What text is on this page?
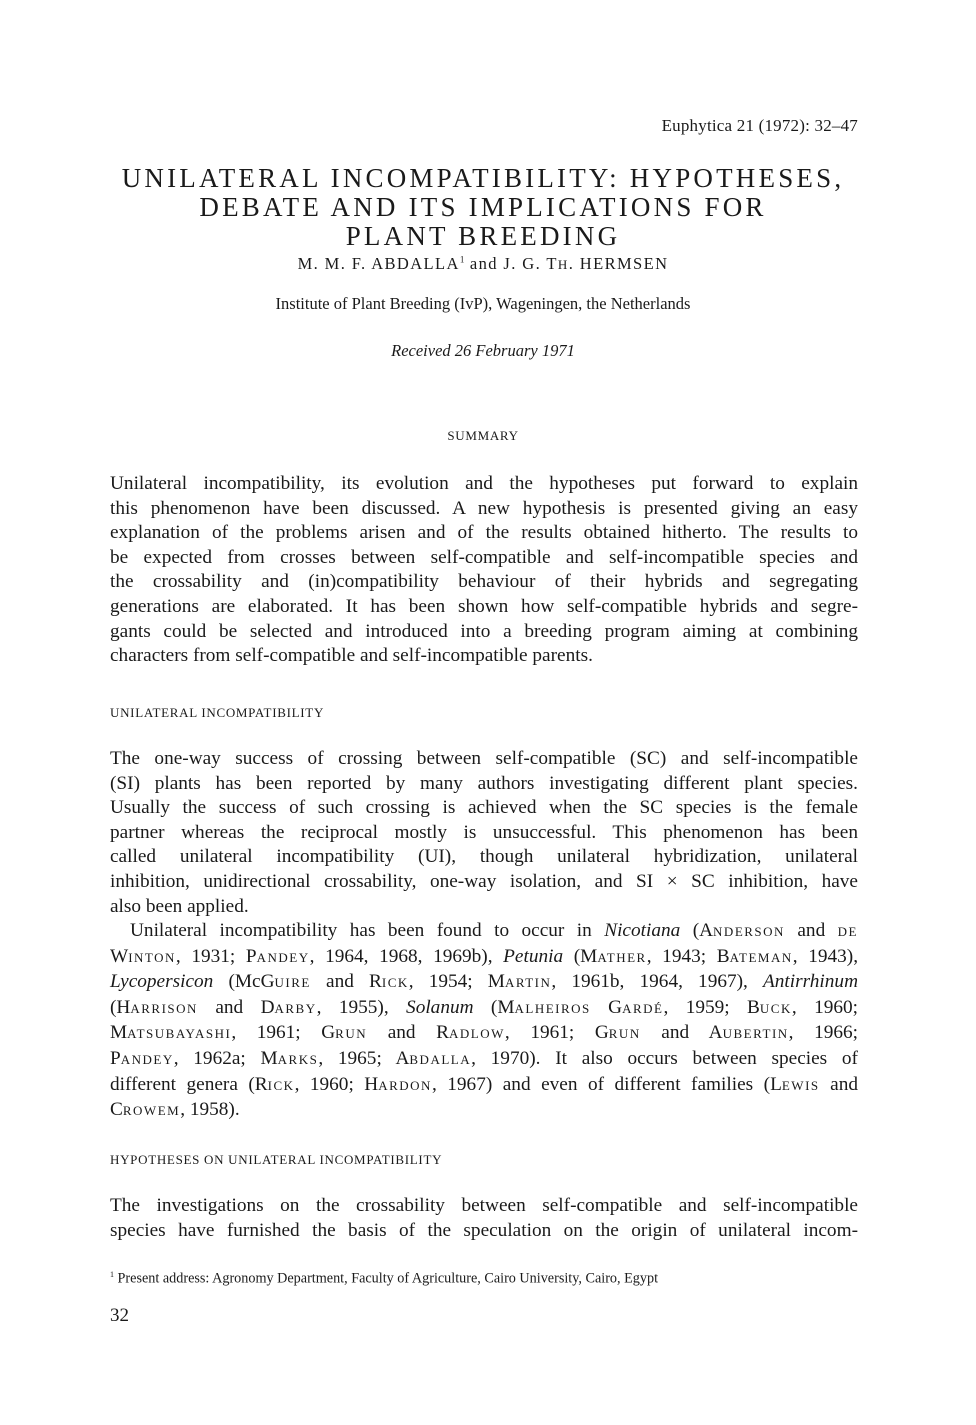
Euphytica 21 (1972): 32–47
UNILATERAL INCOMPATIBILITY: HYPOTHESES,
DEBATE AND ITS IMPLICATIONS FOR
PLANT BREEDING
M. M. F. ABDALLA$^1$ and J. G. TH. HERMSEN
Institute of Plant Breeding (IvP), Wageningen, the Netherlands
Received 26 February 1971
SUMMARY

Unilateral incompatibility, its evolution and the hypotheses put forward to explain
this phenomenon have been discussed. A new hypothesis is presented giving an easy
explanation of the problems arisen and of the results obtained hitherto. The results to
be expected from crosses between self-compatible and self-incompatible species and
the crossability and (in)compatibility behaviour of their hybrids and segregating
generations are elaborated. It has been shown how self-compatible hybrids and segre-
gants could be selected and introduced into a breeding program aiming at combining
characters from self-compatible and self-incompatible parents.

UNILATERAL INCOMPATIBILITY

The one-way success of crossing between self-compatible (SC) and self-incompatible
(SI) plants has been reported by many authors investigating different plant species.
Usually the success of such crossing is achieved when the SC species is the female
partner whereas the reciprocal mostly is unsuccessful. This phenomenon has been
called unilateral incompatibility (UI), though unilateral hybridization, unilateral
inhibition, unidirectional crossability, one-way isolation, and SI × SC inhibition, have
also been applied.

Unilateral incompatibility has been found to occur in Nicotiana (ANDERSON and DE
WINTON, 1931; PANDEY, 1964, 1968, 1969b), Petunia (MATHER, 1943; BATEMAN, 1943),
Lycopersicon (McGUIRE and RICK, 1954; MARTIN, 1961b, 1964, 1967), Antirrhinum
(HARRISON and DARBY, 1955), Solanum (MALHEIROS GARDÉ, 1959; BUCK, 1960;
MATSUBAYASHI, 1961; GRUN and RADLOW, 1961; GRUN and AUBERTIN, 1966;
PANDEY, 1962a; MARKS, 1965; ABDALLA, 1970). It also occurs between species of
different genera (RICK, 1960; HARDON, 1967) and even of different families (LEWIS and
CROWEM, 1958).

HYPOTHESES ON UNILATERAL INCOMPATIBILITY

The investigations on the crossability between self-compatible and self-incompatible
species have furnished the basis of the speculation on the origin of unilateral incom-

$^1$ Present address: Agronomy Department, Faculty of Agriculture, Cairo University, Cairo, Egypt
32
